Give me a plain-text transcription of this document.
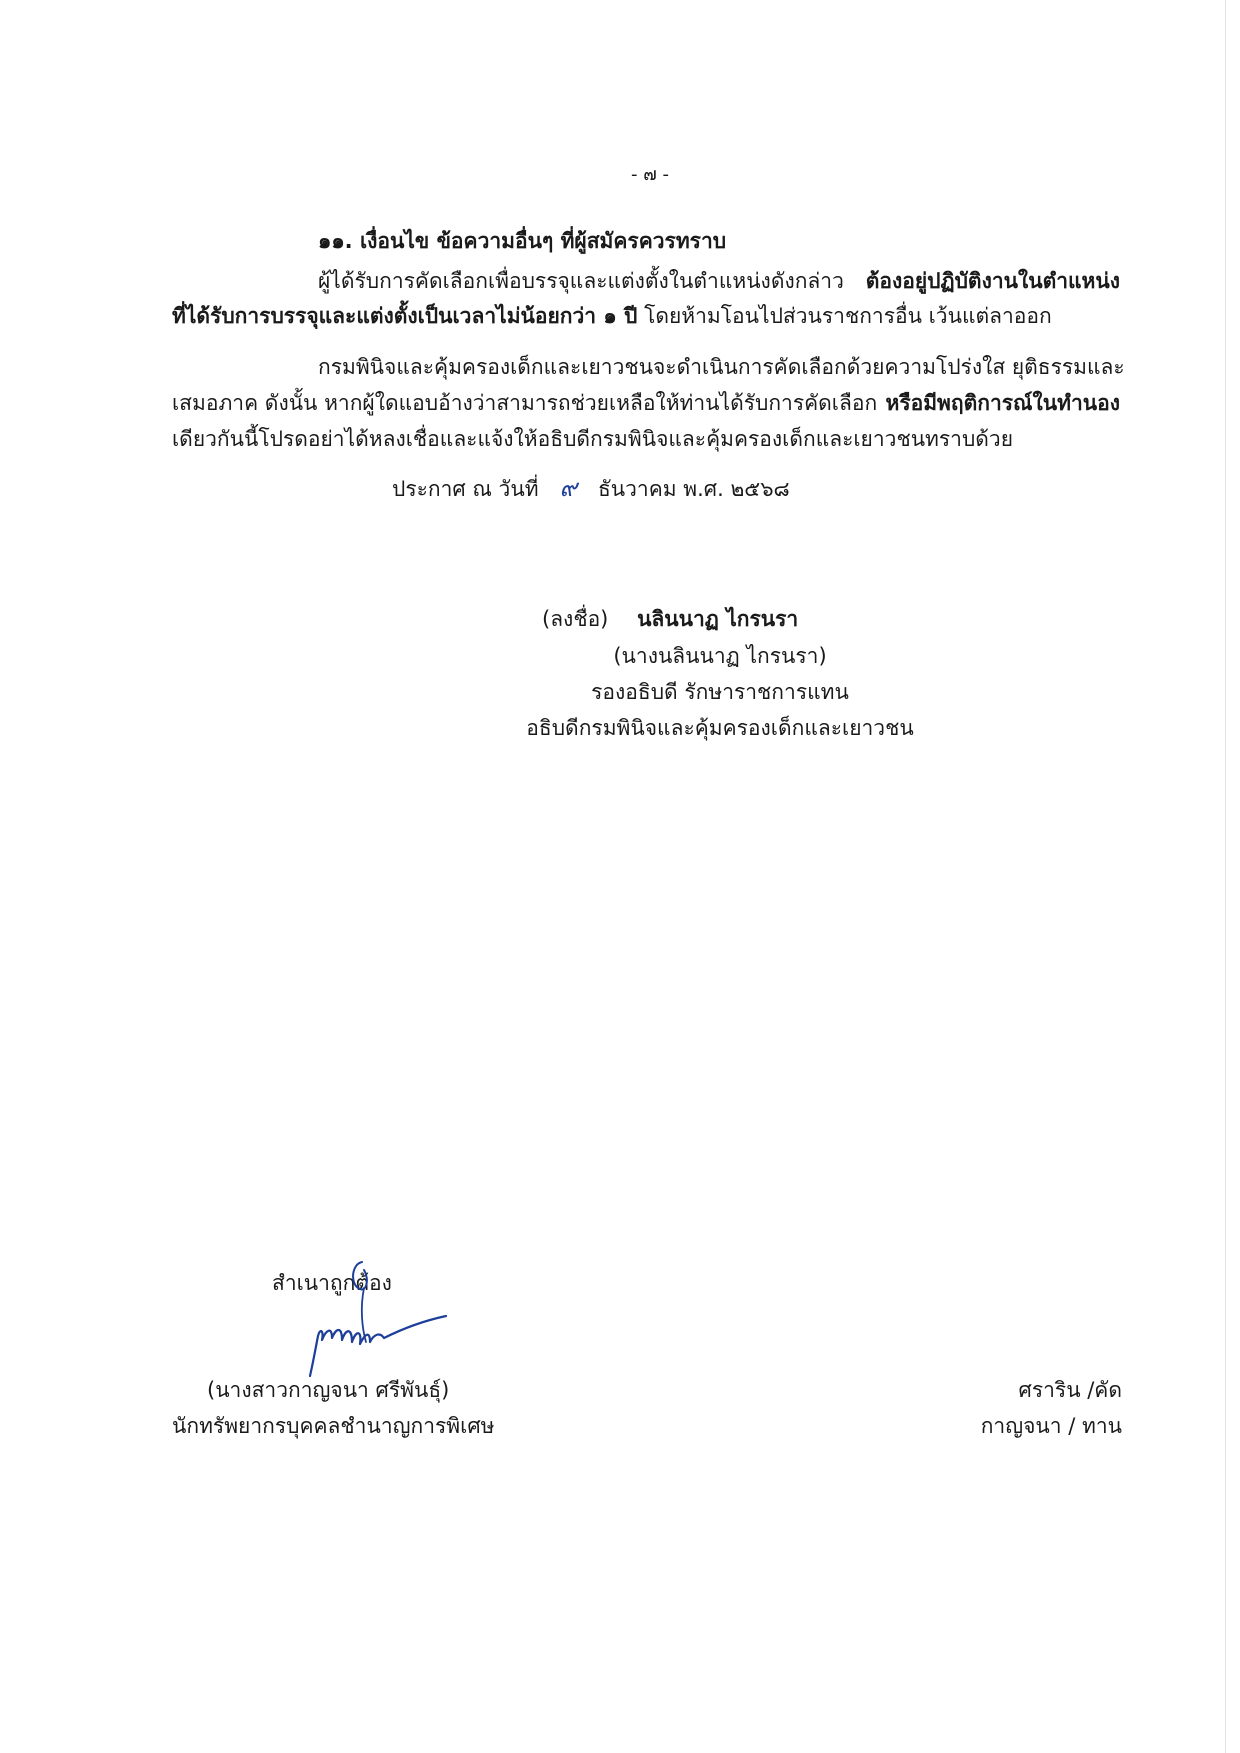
- ๗ -
๑๑. เงื่อนไข ข้อความอื่นๆ ที่ผู้สมัครควรทราบ
ผู้ได้รับการคัดเลือกเพื่อบรรจุและแต่งตั้งในตำแหน่งดังกล่าว ต้องอยู่ปฏิบัติงานในตำแหน่ง
ที่ได้รับการบรรจุและแต่งตั้งเป็นเวลาไม่น้อยกว่า ๑ ปี โดยห้ามโอนไปส่วนราชการอื่น เว้นแต่ลาออก
กรมพินิจและคุ้มครองเด็กและเยาวชนจะดำเนินการคัดเลือกด้วยความโปร่งใส ยุติธรรมและ
เสมอภาค ดังนั้น หากผู้ใดแอบอ้างว่าสามารถช่วยเหลือให้ท่านได้รับการคัดเลือก หรือมีพฤติการณ์ในทำนอง
เดียวกันนี้โปรดอย่าได้หลงเชื่อและแจ้งให้อธิบดีกรมพินิจและคุ้มครองเด็กและเยาวชนทราบด้วย
ประกาศ ณ วันที่ ๙ ธันวาคม พ.ศ. ๒๕๖๘
(ลงชื่อ) นลินนาฏ ไกรนรา
(นางนลินนาฏ ไกรนรา)
รองอธิบดี รักษาราชการแทน
อธิบดีกรมพินิจและคุ้มครองเด็กและเยาวชน
สำเนาถูกต้อง
(นางสาวกาญจนา ศรีพันธุ์)
นักทรัพยากรบุคคลชำนาญการพิเศษ
ศราริน /คัด
กาญจนา / ทาน
